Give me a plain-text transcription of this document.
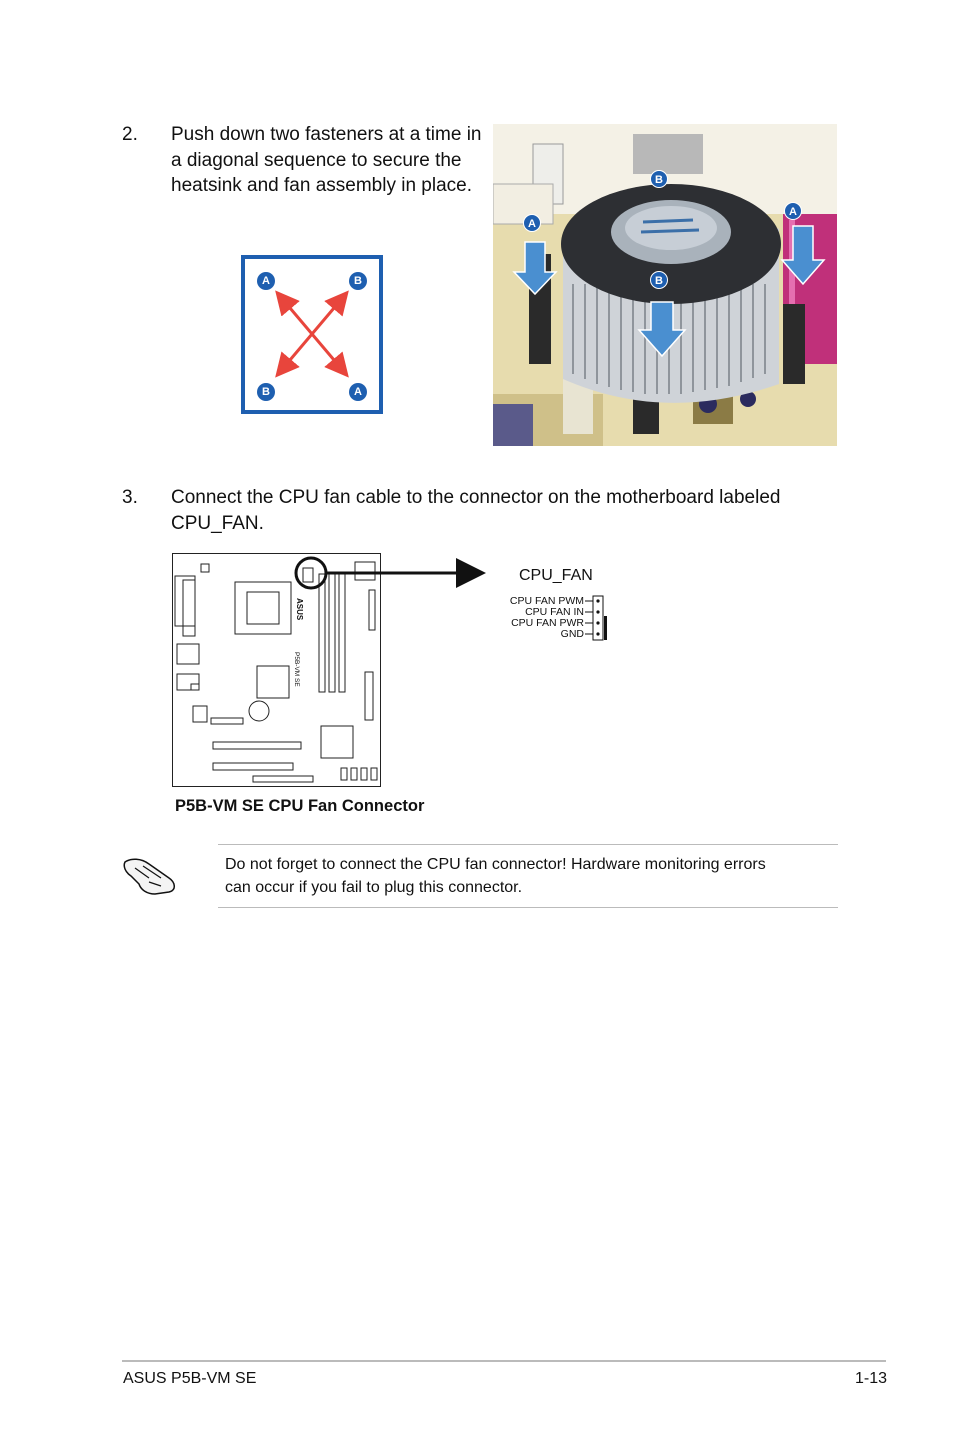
2. Push down two fasteners at a time in
a diagonal sequence to secure the
heatsink and fan assembly in place.
A	B
B	A
A
B
A
B
3. Connect the CPU fan cable to the connector on the motherboard labeled
CPU_FAN.
ASUS
P5B-VM SE
CPU_FAN
CPU FAN PWM
CPU FAN IN
CPU FAN PWR
GND
P5B-VM SE CPU Fan Connector
Do not forget to connect the CPU fan connector! Hardware monitoring errors
can occur if you fail to plug this connector.
ASUS P5B-VM SE	1-13
